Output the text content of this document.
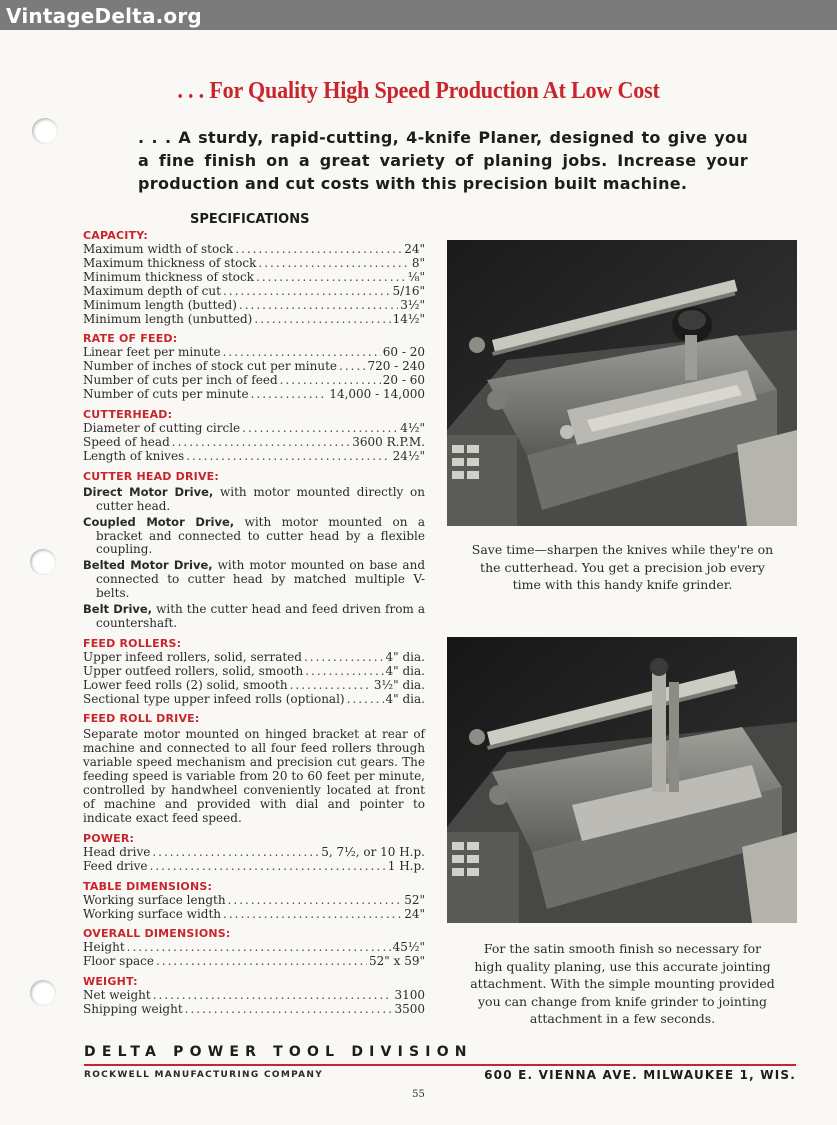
VintageDelta.org
. . . For Quality High Speed Production At Low Cost
. . . A sturdy, rapid-cutting, 4-knife Planer, designed to give you a fine finish on a great variety of planing jobs. Increase your production and cut costs with this precision built machine.
SPECIFICATIONS
CAPACITY:
Maximum width of stock .....	24"
Maximum thickness of stock .....	8"
Minimum thickness of stock .....	⅛"
Maximum depth of cut .....	5/16"
Minimum length (butted) .....	3½"
Minimum length (unbutted) .....	14½"
RATE OF FEED:
Linear feet per minute .....	60 - 20
Number of inches of stock cut per minute .....	720 - 240
Number of cuts per inch of feed .....	20 - 60
Number of cuts per minute .....	14,000 - 14,000
CUTTERHEAD:
Diameter of cutting circle .....	4½"
Speed of head .....	3600 R.P.M.
Length of knives .....	24½"
CUTTER HEAD DRIVE:
Direct Motor Drive, with motor mounted directly on cutter head.
Coupled Motor Drive, with motor mounted on a bracket and connected to cutter head by a flexible coupling.
Belted Motor Drive, with motor mounted on base and connected to cutter head by matched multiple V-belts.
Belt Drive, with the cutter head and feed driven from a countershaft.
FEED ROLLERS:
Upper infeed rollers, solid, serrated .....	4" dia.
Upper outfeed rollers, solid, smooth .....	4" dia.
Lower feed rolls (2) solid, smooth .....	3½" dia.
Sectional type upper infeed rolls (optional) .....	4" dia.
FEED ROLL DRIVE:
Separate motor mounted on hinged bracket at rear of machine and connected to all four feed rollers through variable speed mechanism and precision cut gears. The feeding speed is variable from 20 to 60 feet per minute, controlled by handwheel conveniently located at front of machine and provided with dial and pointer to indicate exact feed speed.
POWER:
Head drive .....	5, 7½, or 10 H.p.
Feed drive .....	1 H.p.
TABLE DIMENSIONS:
Working surface length .....	52"
Working surface width .....	24"
OVERALL DIMENSIONS:
Height .....	45½"
Floor space .....	52" x 59"
WEIGHT:
Net weight .....	3100
Shipping weight .....	3500
Save time—sharpen the knives while they're on the cutterhead. You get a precision job every time with this handy knife grinder.
For the satin smooth finish so necessary for high quality planing, use this accurate jointing attachment. With the simple mounting provided you can change from knife grinder to jointing attachment in a few seconds.
DELTA POWER TOOL DIVISION
ROCKWELL MANUFACTURING COMPANY	600 E. VIENNA AVE. MILWAUKEE 1, WIS.
55
